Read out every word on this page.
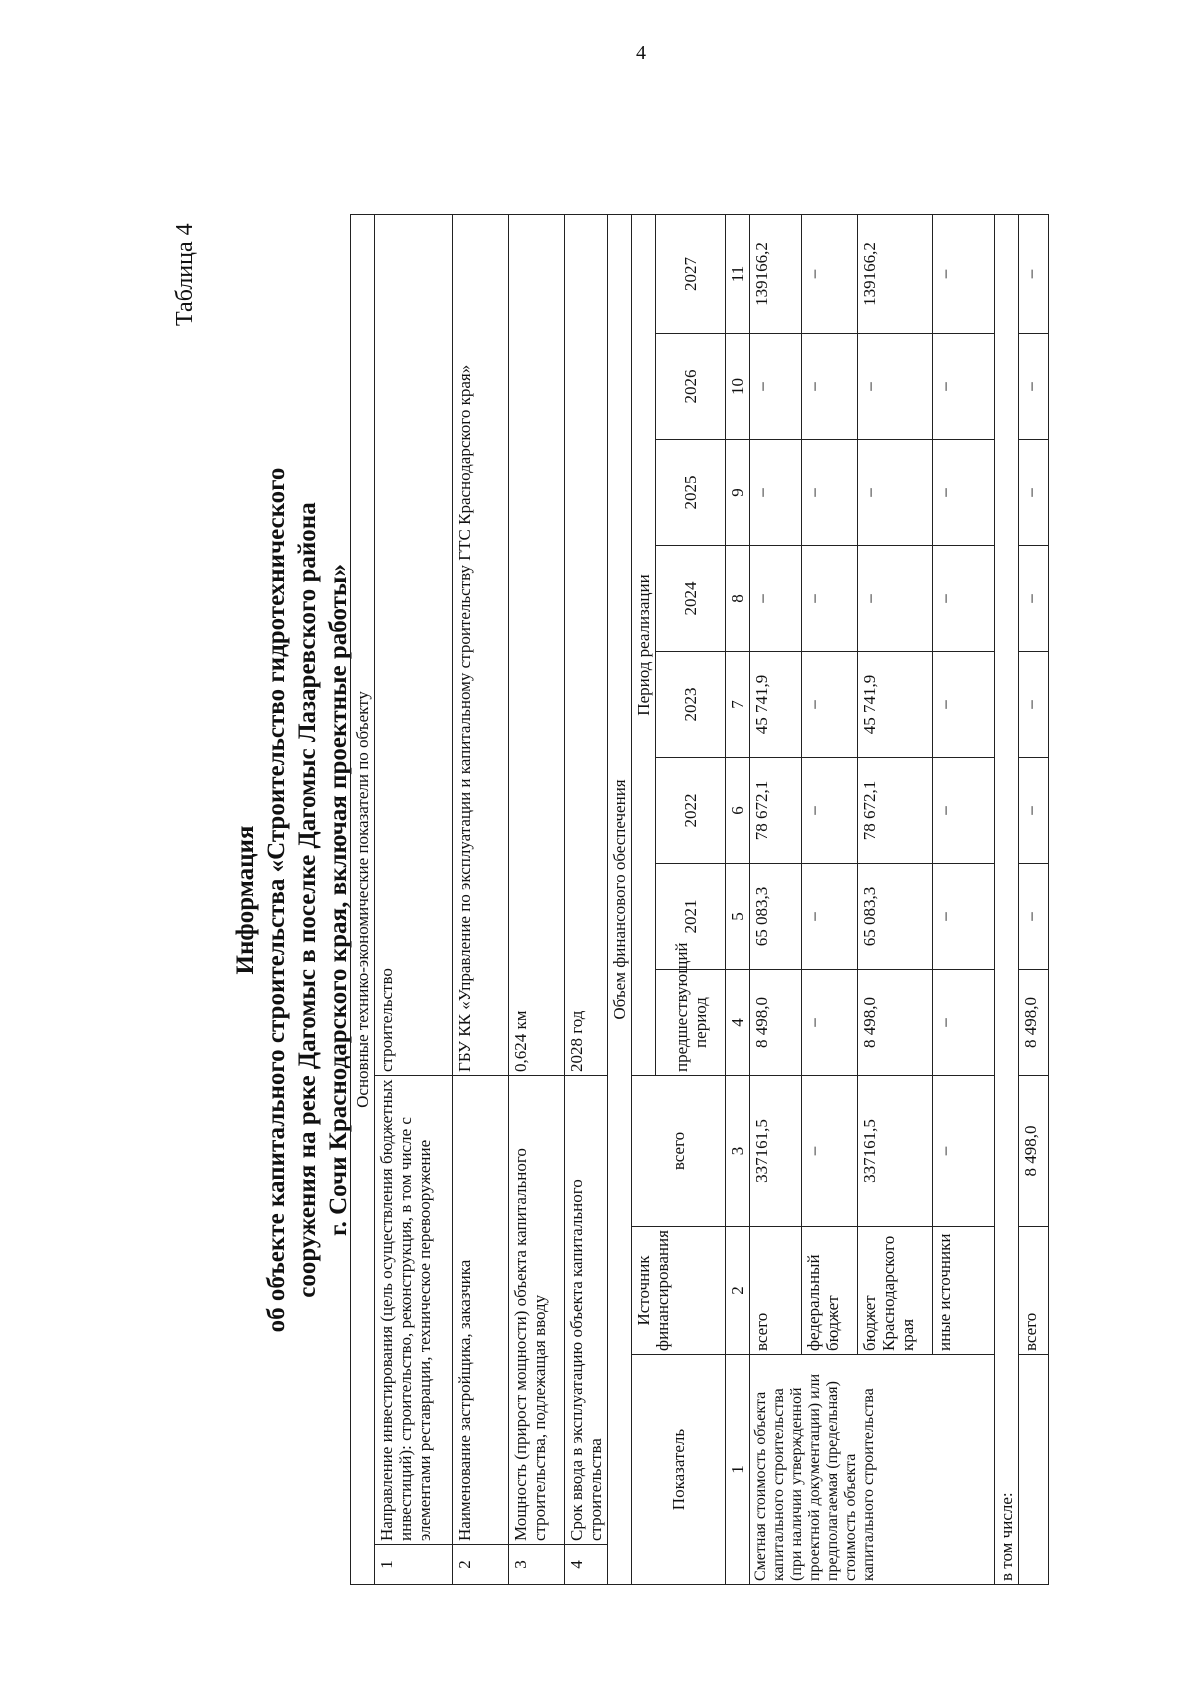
4
Таблица 4
Информация об объекте капитального строительства «Строительство гидротехнического сооружения на реке Дагомыс в поселке Дагомыс Лазаревского района г. Сочи Краснодарского края, включая проектные работы» Основные технико-экономические показатели по объекту											
1	Направление инвестирования (цель осуществления бюджетных инвестиций): строительство, реконструкция, в том числе с элементами реставрации, техническое перевооружение			строительство							
2	Наименование застройщика, заказчика			ГБУ КК «Управление по эксплуатации и капитальному строительству ГТС Краснодарского края»							
3	Мощность (прирост мощности) объекта капитального строительства, подлежащая вводу			0,624 км							
4	Срок ввода в эксплуатацию объекта капитального строительства			2028 год							
Объем финансового обеспечения											
Показатель		Источник финансирования	всего	Период реализации							
				предшествующий период	2021	2022	2023	2024	2025	2026	2027
1		2	3	4	5	6	7	8	9	10	11
Сметная стоимость объекта капитального строительства (при наличии утвержденной проектной документации) или предполагаемая (предельная) стоимость объекта капитального строительства		всего	337161,5	8 498,0	65 083,3	78 672,1	45 741,9	–	–	–	139166,2
		федеральный бюджет	–	–	–	–	–	–	–	–	–
		бюджет Краснодарского края	337161,5	8 498,0	65 083,3	78 672,1	45 741,9	–	–	–	139166,2
		иные источники	–	–	–	–	–	–	–	–	–
в том числе:											
		всего	8 498,0	8 498,0	–	–	–	–	–	–	–
